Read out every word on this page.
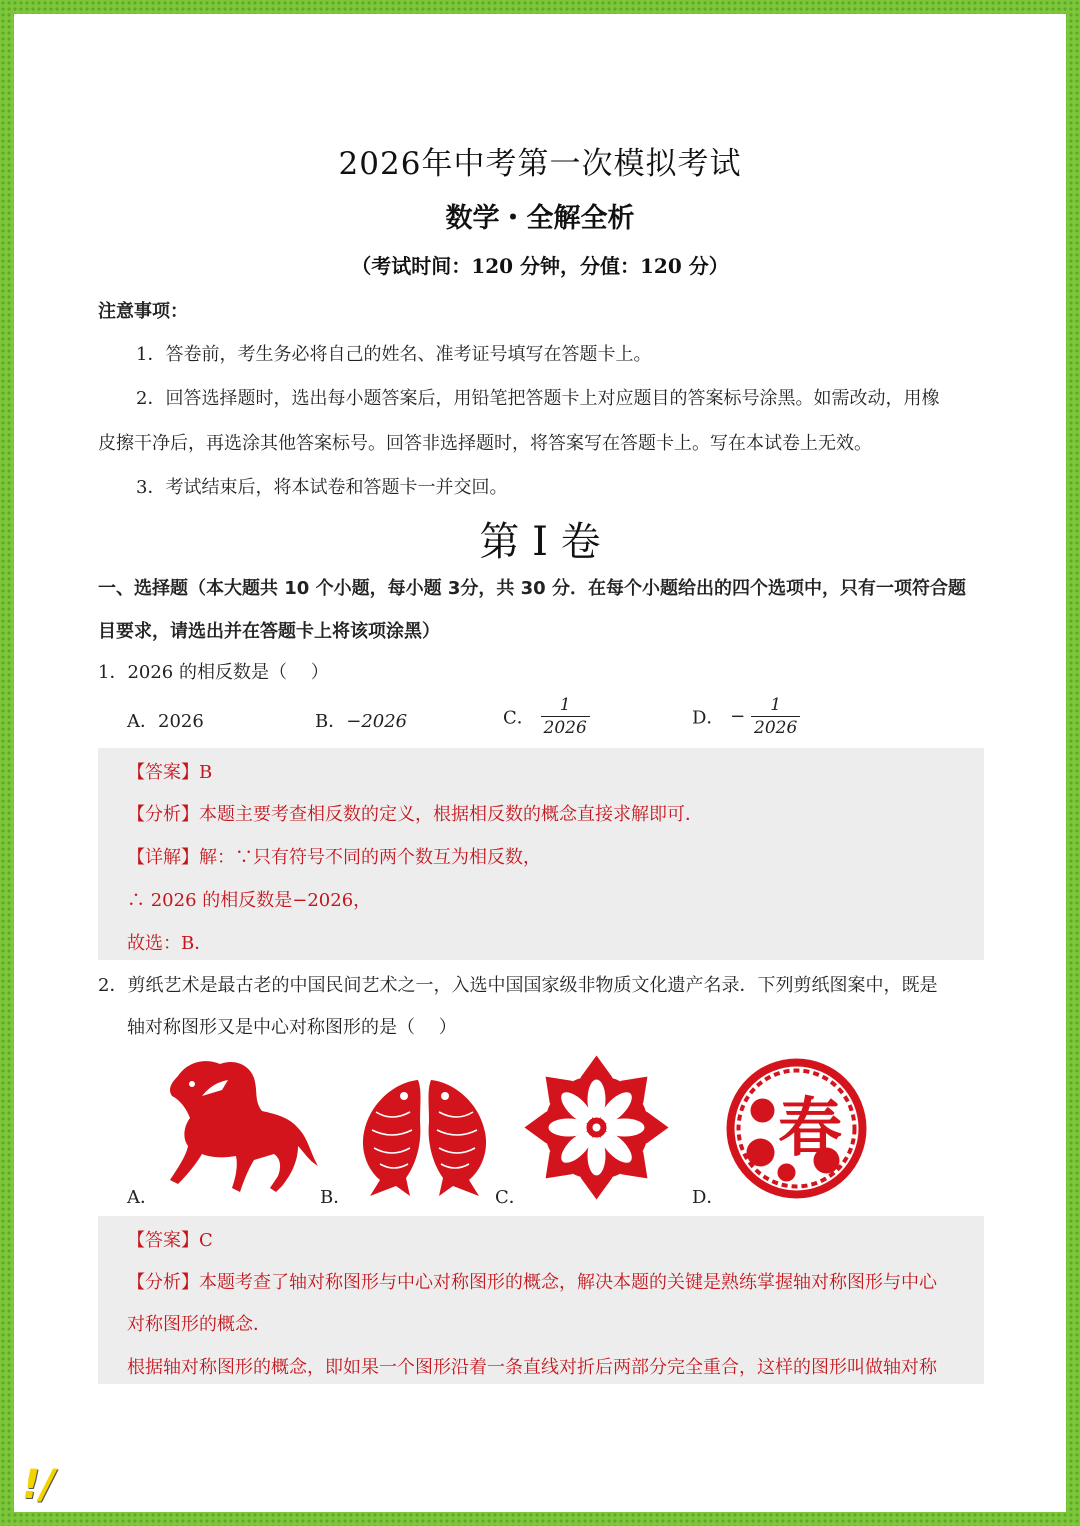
2026年中考第一次模拟考试
数学・全解全析
（考试时间：120 分钟，分值：120 分）
注意事项：
1．答卷前，考生务必将自己的姓名、准考证号填写在答题卡上。
2．回答选择题时，选出每小题答案后，用铅笔把答题卡上对应题目的答案标号涂黑。如需改动，用橡
皮擦干净后，再选涂其他答案标号。回答非选择题时，将答案写在答题卡上。写在本试卷上无效。
3．考试结束后，将本试卷和答题卡一并交回。
第 I 卷
一、选择题（本大题共 10 个小题，每小题 3分，共 30 分．在每个小题给出的四个选项中，只有一项符合题
目要求，请选出并在答题卡上将该项涂黑）
1．2026 的相反数是（　 ）
A．2026	B．−2026	C． $\frac{1}{2026}$	D． − $\frac{1}{2026}$
【答案】B
【分析】本题主要考查相反数的定义，根据相反数的概念直接求解即可．
【详解】解：∵只有符号不同的两个数互为相反数，
∴ 2026 的相反数是−2026，
故选：B．
2．剪纸艺术是最古老的中国民间艺术之一，入选中国国家级非物质文化遗产名录．下列剪纸图案中，既是
轴对称图形又是中心对称图形的是（　 ）
春
A．	B．	C．	D．
【答案】C
【分析】本题考查了轴对称图形与中心对称图形的概念，解决本题的关键是熟练掌握轴对称图形与中心
对称图形的概念．
根据轴对称图形的概念，即如果一个图形沿着一条直线对折后两部分完全重合，这样的图形叫做轴对称
!/
